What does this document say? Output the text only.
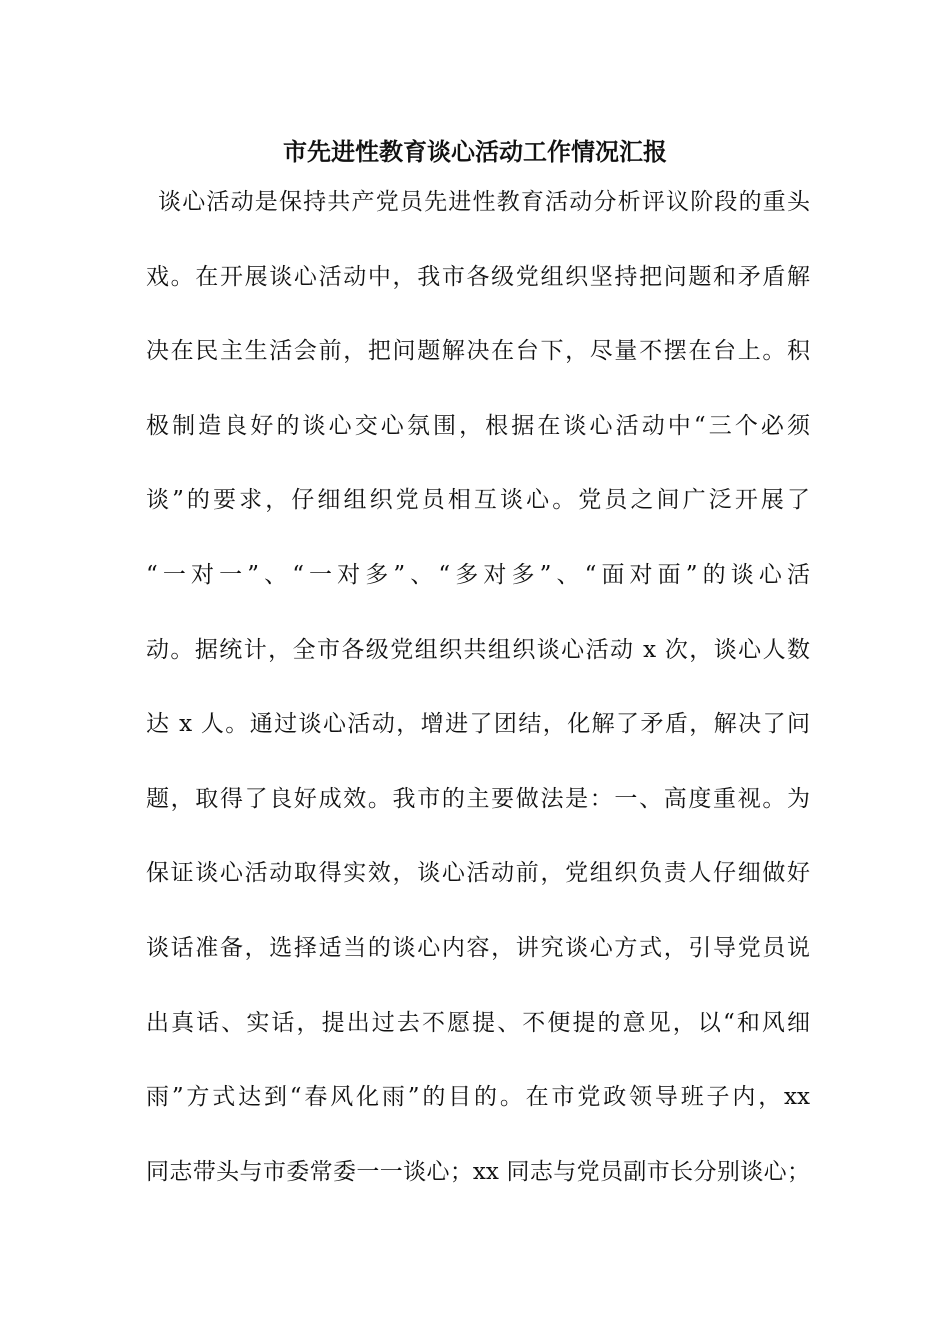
市先进性教育谈心活动工作情况汇报
谈心活动是保持共产党员先进性教育活动分析评议阶段的重头
戏。在开展谈心活动中，我市各级党组织坚持把问题和矛盾解
决在民主生活会前，把问题解决在台下，尽量不摆在台上。积
极制造良好的谈心交心氛围，根据在谈心活动中“三个必须
谈”的要求，仔细组织党员相互谈心。党员之间广泛开展了
“一对一”、“一对多”、“多对多”、“面对面”的谈心活
动。据统计，全市各级党组织共组织谈心活动 x 次，谈心人数
达 x 人。通过谈心活动，增进了团结，化解了矛盾，解决了问
题，取得了良好成效。我市的主要做法是：一、高度重视。为
保证谈心活动取得实效，谈心活动前，党组织负责人仔细做好
谈话准备，选择适当的谈心内容，讲究谈心方式，引导党员说
出真话、实话，提出过去不愿提、不便提的意见，以“和风细
雨”方式达到“春风化雨”的目的。在市党政领导班子内，xx
同志带头与市委常委一一谈心；xx 同志与党员副市长分别谈心；
